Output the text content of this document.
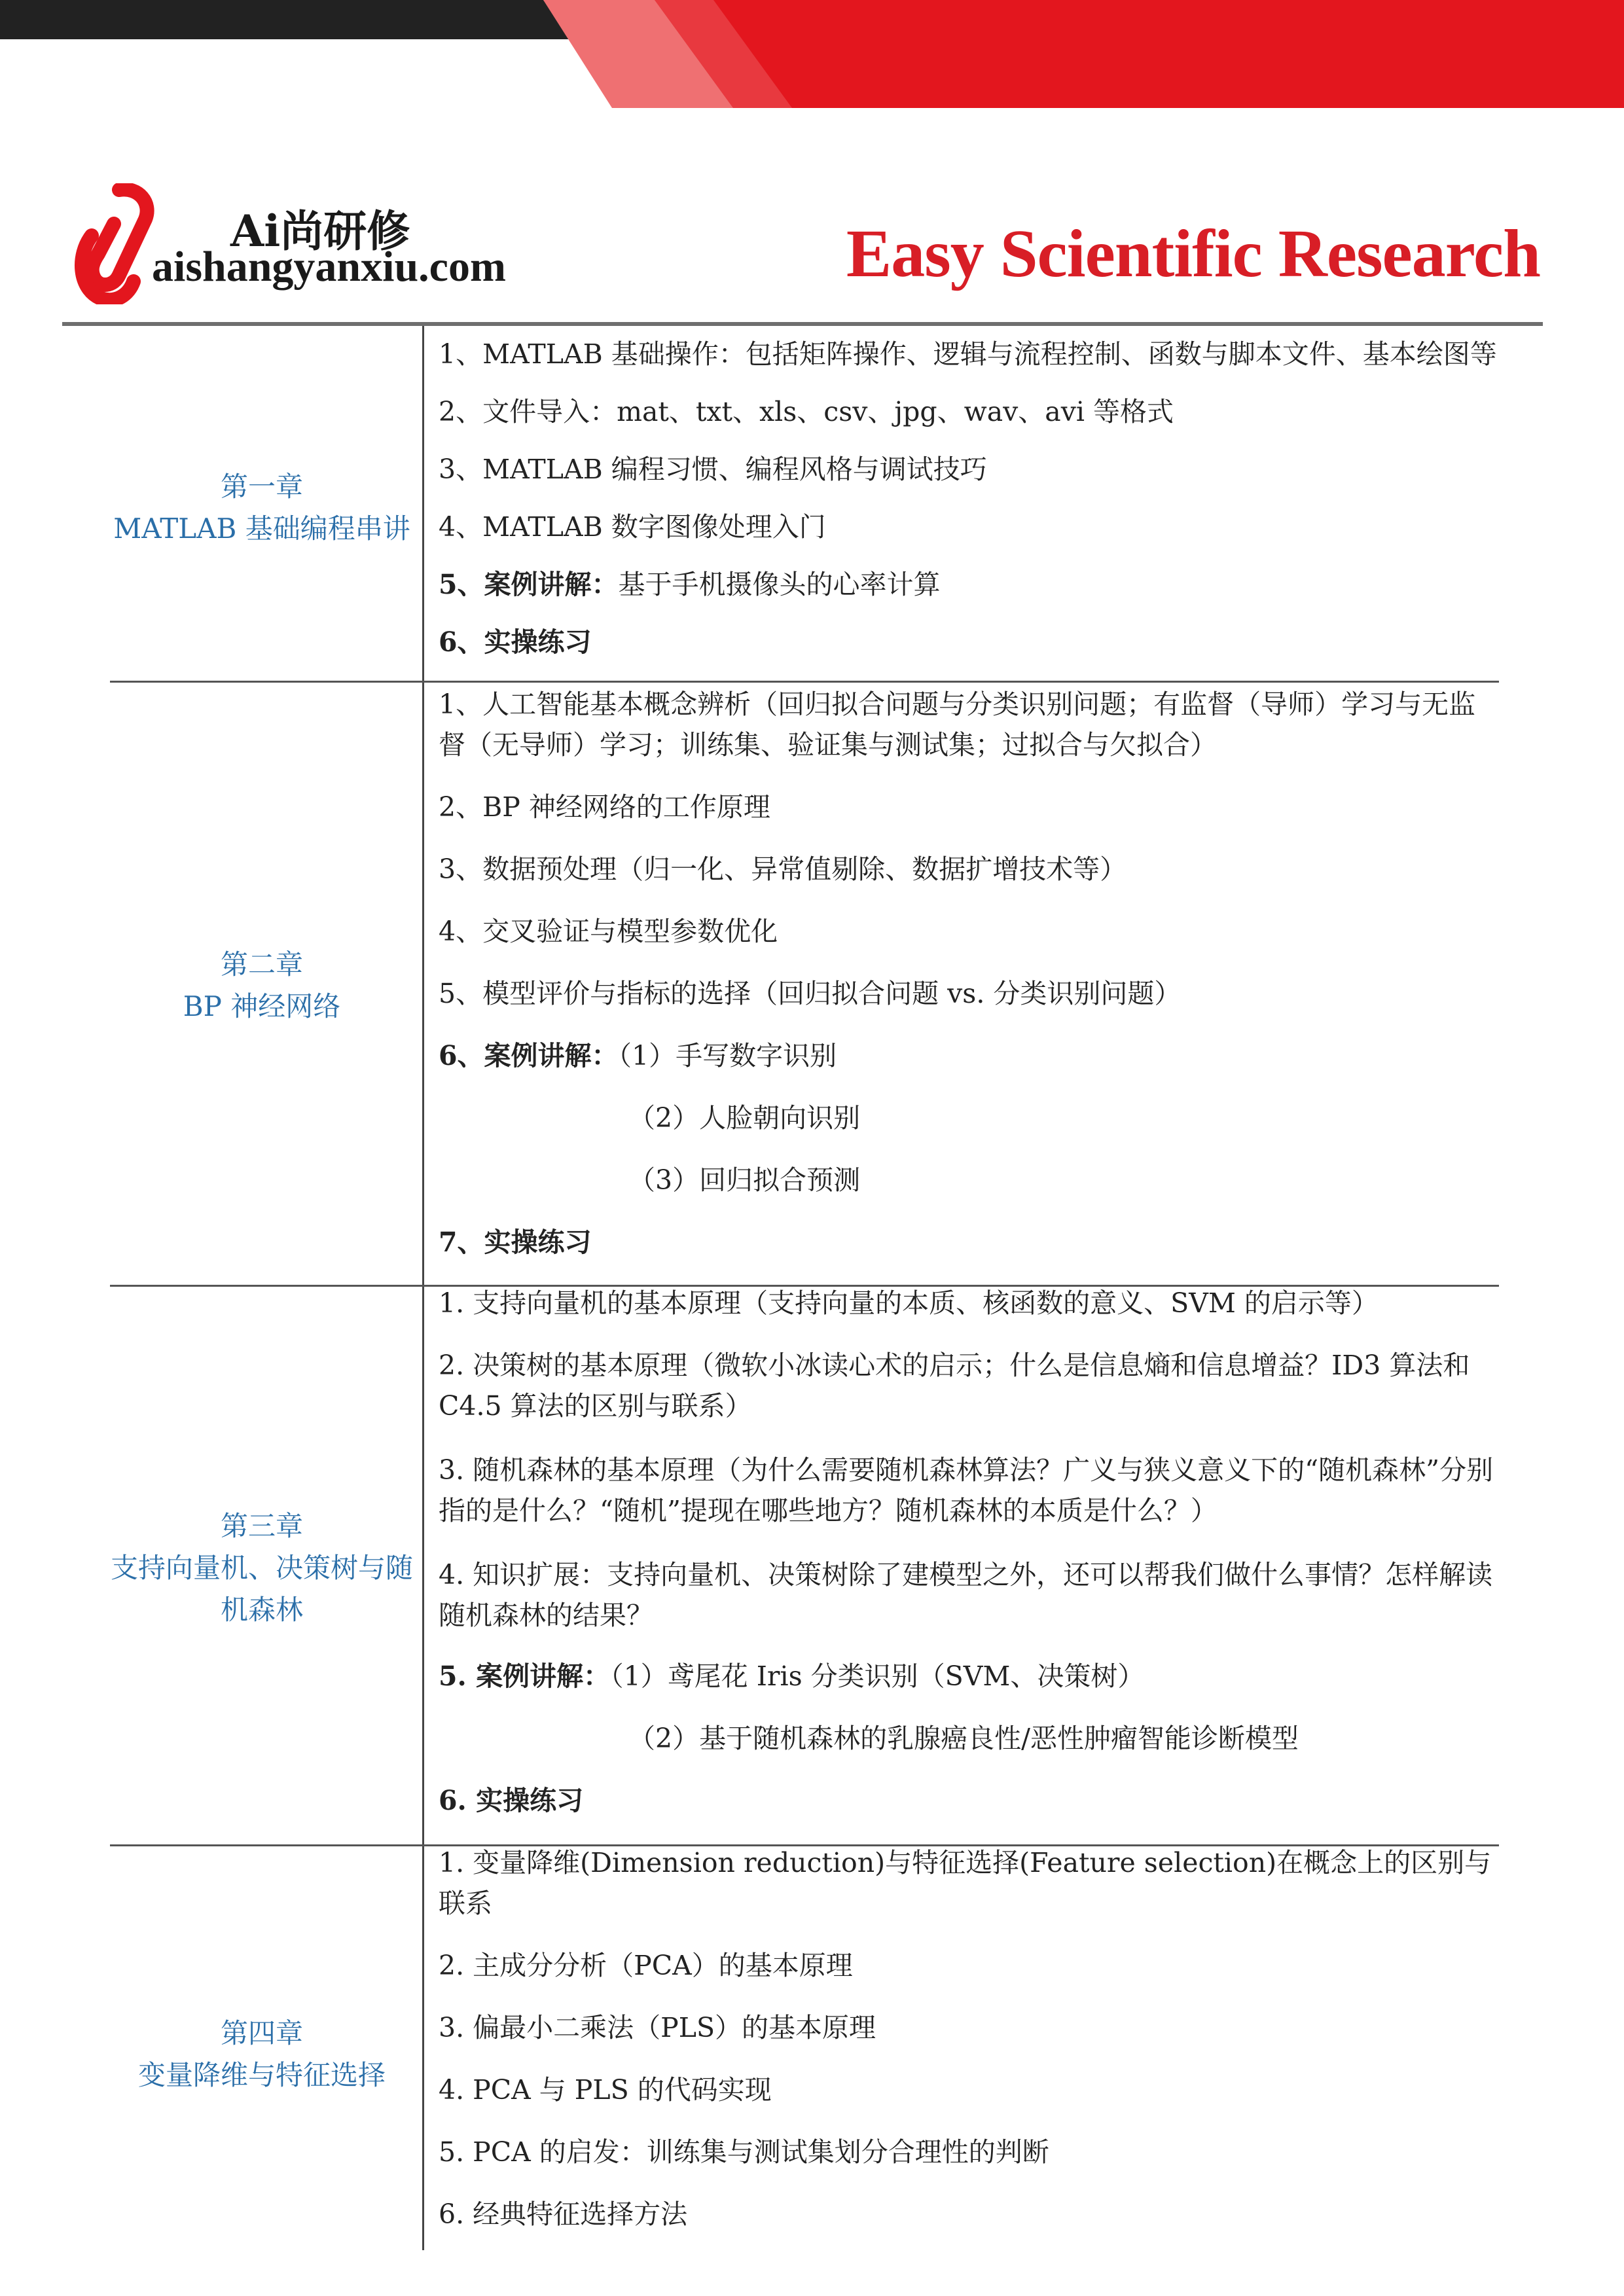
Ai尚研修
aishangyanxiu.com	Easy Scientific Research
第一章
MATLAB 基础编程串讲
1、MATLAB 基础操作：包括矩阵操作、逻辑与流程控制、函数与脚本文件、基本绘图等
2、文件导入：mat、txt、xls、csv、jpg、wav、avi 等格式
3、MATLAB 编程习惯、编程风格与调试技巧
4、MATLAB 数字图像处理入门
5、案例讲解：基于手机摄像头的心率计算
6、实操练习
第二章
BP 神经网络
1、人工智能基本概念辨析（回归拟合问题与分类识别问题；有监督（导师）学习与无监督（无导师）学习；训练集、验证集与测试集；过拟合与欠拟合）
2、BP 神经网络的工作原理
3、数据预处理（归一化、异常值剔除、数据扩增技术等）
4、交叉验证与模型参数优化
5、模型评价与指标的选择（回归拟合问题 vs. 分类识别问题）
6、案例讲解：（1）手写数字识别
（2）人脸朝向识别
（3）回归拟合预测
7、实操练习
第三章
支持向量机、决策树与随
机森林
1. 支持向量机的基本原理（支持向量的本质、核函数的意义、SVM 的启示等）
2. 决策树的基本原理（微软小冰读心术的启示；什么是信息熵和信息增益？ID3 算法和 C4.5 算法的区别与联系）
3. 随机森林的基本原理（为什么需要随机森林算法？广义与狭义意义下的“随机森林”分别指的是什么？“随机”提现在哪些地方？随机森林的本质是什么？）
4. 知识扩展：支持向量机、决策树除了建模型之外，还可以帮我们做什么事情？怎样解读随机森林的结果？
5. 案例讲解：（1）鸢尾花 Iris 分类识别（SVM、决策树）
（2）基于随机森林的乳腺癌良性/恶性肿瘤智能诊断模型
6. 实操练习
第四章
变量降维与特征选择
1. 变量降维(Dimension reduction)与特征选择(Feature selection)在概念上的区别与联系
2. 主成分分析（PCA）的基本原理
3. 偏最小二乘法（PLS）的基本原理
4. PCA 与 PLS 的代码实现
5. PCA 的启发：训练集与测试集划分合理性的判断
6. 经典特征选择方法
